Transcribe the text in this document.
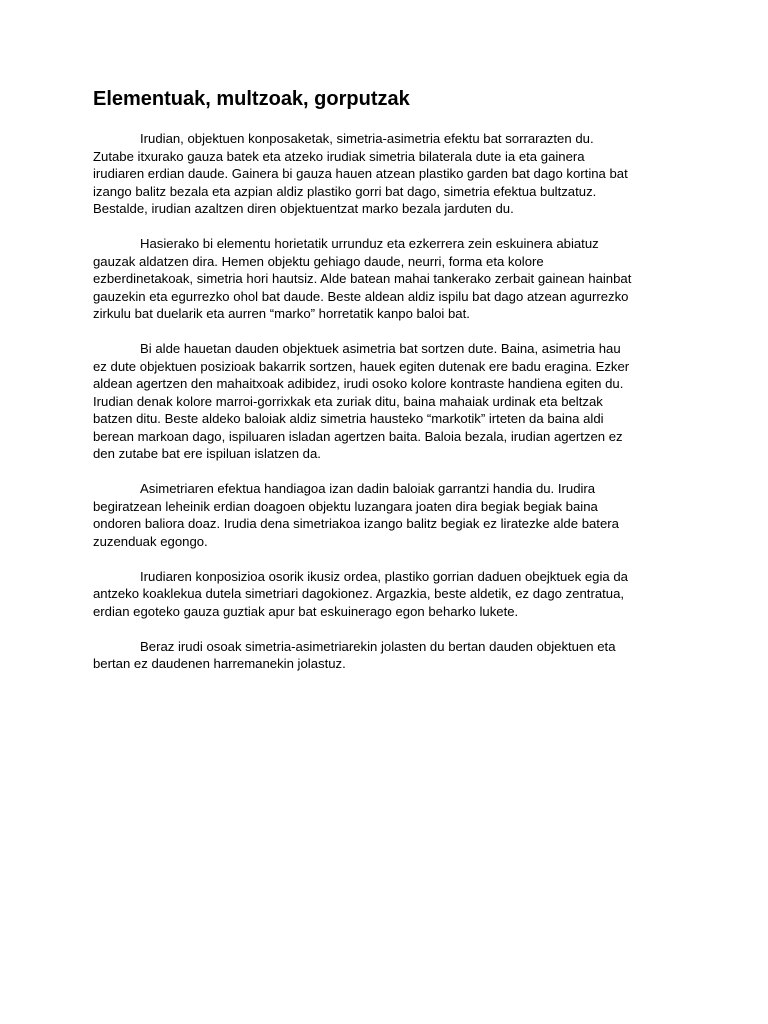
Elementuak, multzoak, gorputzak

Irudian, objektuen konposaketak, simetria-asimetria efektu bat sorrarazten du.
Zutabe itxurako gauza batek eta atzeko irudiak simetria bilaterala dute ia eta gainera
irudiaren erdian daude. Gainera bi gauza hauen atzean plastiko garden bat dago kortina bat
izango balitz bezala eta azpian aldiz plastiko gorri bat dago, simetria efektua bultzatuz.
Bestalde, irudian azaltzen diren objektuentzat marko bezala jarduten du.

Hasierako bi elementu horietatik urrunduz eta ezkerrera zein eskuinera abiatuz
gauzak aldatzen dira. Hemen objektu gehiago daude, neurri, forma eta kolore
ezberdinetakoak, simetria hori hautsiz. Alde batean mahai tankerako zerbait gainean hainbat
gauzekin eta egurrezko ohol bat daude. Beste aldean aldiz ispilu bat dago atzean agurrezko
zirkulu bat duelarik eta aurren “marko” horretatik kanpo baloi bat.

Bi alde hauetan dauden objektuek asimetria bat sortzen dute. Baina, asimetria hau
ez dute objektuen posizioak bakarrik sortzen, hauek egiten dutenak ere badu eragina. Ezker
aldean agertzen den mahaitxoak adibidez, irudi osoko kolore kontraste handiena egiten du.
Irudian denak kolore marroi-gorrixkak eta zuriak ditu, baina mahaiak urdinak eta beltzak
batzen ditu. Beste aldeko baloiak aldiz simetria hausteko “markotik” irteten da baina aldi
berean markoan dago, ispiluaren isladan agertzen baita. Baloia bezala, irudian agertzen ez
den zutabe bat ere ispiluan islatzen da.

Asimetriaren efektua handiagoa izan dadin baloiak garrantzi handia du. Irudira
begiratzean leheinik erdian doagoen objektu luzangara joaten dira begiak begiak baina
ondoren baliora doaz. Irudia dena simetriakoa izango balitz begiak ez liratezke alde batera
zuzenduak egongo.

Irudiaren konposizioa osorik ikusiz ordea, plastiko gorrian daduen obejktuek egia da
antzeko koaklekua dutela simetriari dagokionez. Argazkia, beste aldetik, ez dago zentratua,
erdian egoteko gauza guztiak apur bat eskuinerago egon beharko lukete.

Beraz irudi osoak simetria-asimetriarekin jolasten du bertan dauden objektuen eta
bertan ez daudenen harremanekin jolastuz.
